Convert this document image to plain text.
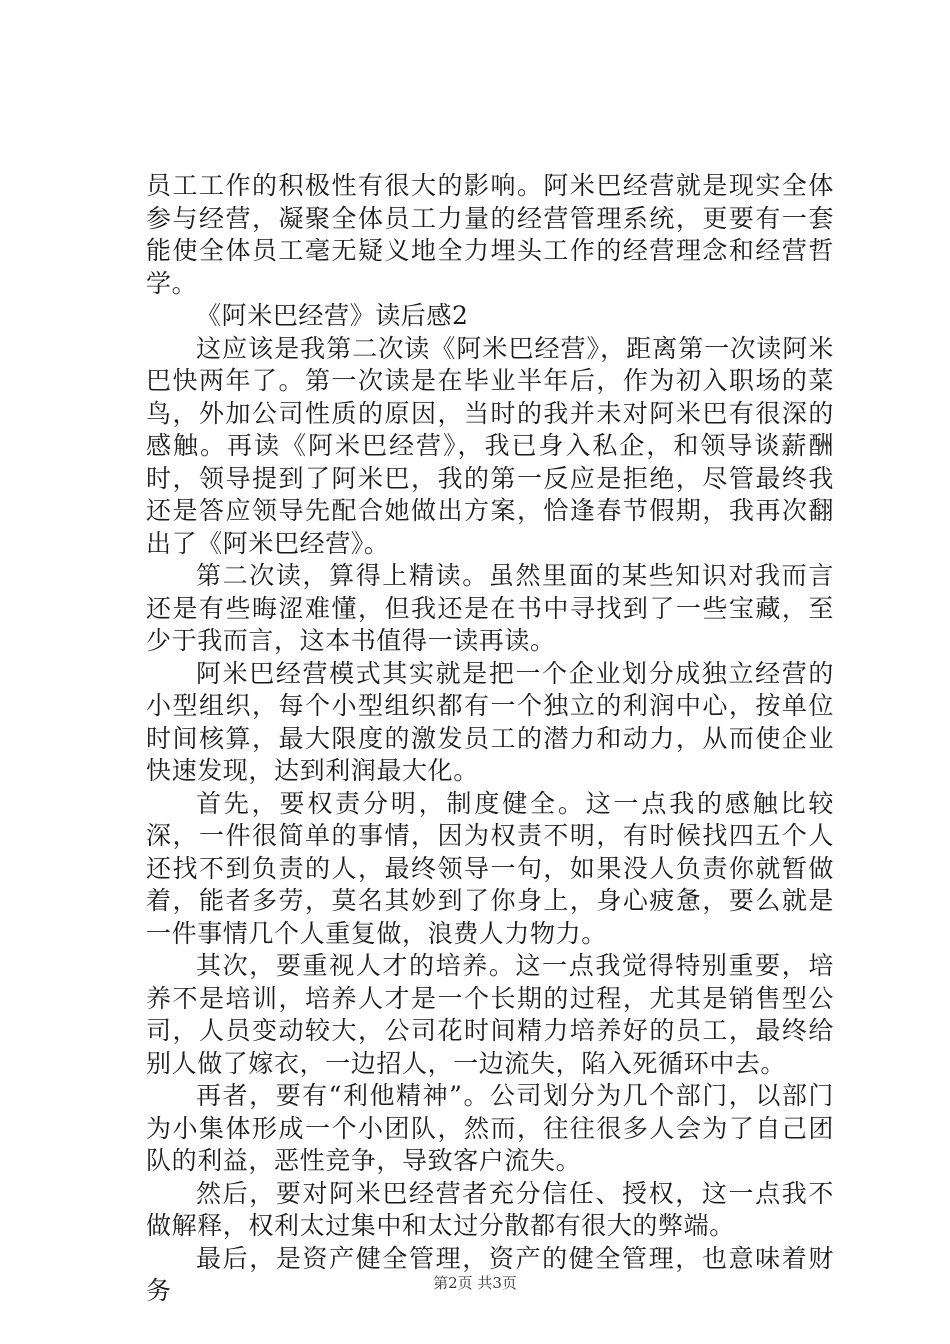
员工工作的积极性有很大的影响。阿米巴经营就是现实全体参与经营，凝聚全体员工力量的经营管理系统，更要有一套能使全体员工毫无疑义地全力埋头工作的经营理念和经营哲学。

《阿米巴经营》读后感2

这应该是我第二次读《阿米巴经营》，距离第一次读阿米巴快两年了。第一次读是在毕业半年后，作为初入职场的菜鸟，外加公司性质的原因，当时的我并未对阿米巴有很深的感触。再读《阿米巴经营》，我已身入私企，和领导谈薪酬时，领导提到了阿米巴，我的第一反应是拒绝，尽管最终我还是答应领导先配合她做出方案，恰逢春节假期，我再次翻出了《阿米巴经营》。

第二次读，算得上精读。虽然里面的某些知识对我而言还是有些晦涩难懂，但我还是在书中寻找到了一些宝藏，至少于我而言，这本书值得一读再读。

阿米巴经营模式其实就是把一个企业划分成独立经营的小型组织，每个小型组织都有一个独立的利润中心，按单位时间核算，最大限度的激发员工的潜力和动力，从而使企业快速发现，达到利润最大化。

首先，要权责分明，制度健全。这一点我的感触比较深，一件很简单的事情，因为权责不明，有时候找四五个人还找不到负责的人，最终领导一句，如果没人负责你就暂做着，能者多劳，莫名其妙到了你身上，身心疲惫，要么就是一件事情几个人重复做，浪费人力物力。

其次，要重视人才的培养。这一点我觉得特别重要，培养不是培训，培养人才是一个长期的过程，尤其是销售型公司，人员变动较大，公司花时间精力培养好的员工，最终给别人做了嫁衣，一边招人，一边流失，陷入死循环中去。

再者，要有“利他精神”。公司划分为几个部门，以部门为小集体形成一个小团队，然而，往往很多人会为了自己团队的利益，恶性竞争，导致客户流失。

然后，要对阿米巴经营者充分信任、授权，这一点我不做解释，权利太过集中和太过分散都有很大的弊端。

最后，是资产健全管理，资产的健全管理，也意味着财务	第2页 共3页
